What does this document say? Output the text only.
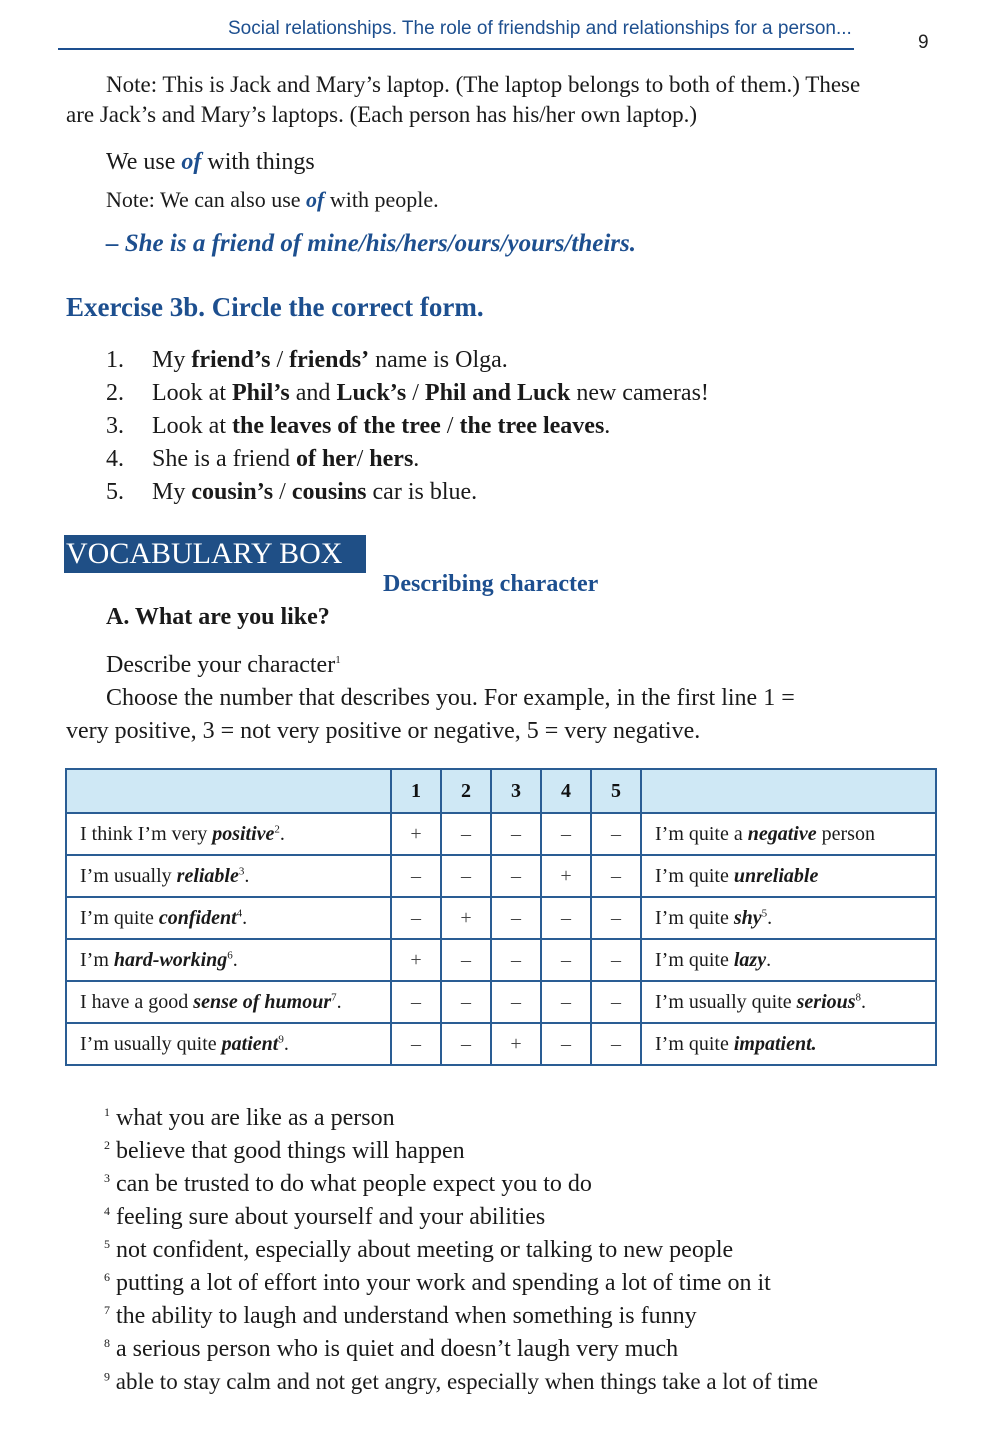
Social relationships. The role of friendship and relationships for a person...
9
Note: This is Jack and Mary’s laptop. (The laptop belongs to both of them.) These
are Jack’s and Mary’s laptops. (Each person has his/her own laptop.)
We use of with things
Note: We can also use of with people.
– She is a friend of mine/his/hers/ours/yours/theirs.
Exercise 3b. Circle the correct form.
1. My friend’s / friends’ name is Olga.
2. Look at Phil’s and Luck’s / Phil and Luck new cameras!
3. Look at the leaves of the tree / the tree leaves.
4. She is a friend of her/ hers.
5. My cousin’s / cousins car is blue.
VOCABULARY BOX
Describing character
A. What are you like?
Describe your character$^1$
Choose the number that describes you. For example, in the first line 1 =
very positive, 3 = not very positive or negative, 5 = very negative.
	1	2	3	4	5	
I think I’m very positive$^2$.	+	–	–	–	–	I’m quite a negative person
I’m usually reliable$^3$.	–	–	–	+	–	I’m quite unreliable
I’m quite confident$^4$.	–	+	–	–	–	I’m quite shy$^5$.
I’m hard-working$^6$.	+	–	–	–	–	I’m quite lazy.
I have a good sense of humour$^7$.	–	–	–	–	–	I’m usually quite serious$^8$.
I’m usually quite patient$^9$.	–	–	+	–	–	I’m quite impatient.
$^1$ what you are like as a person
$^2$ believe that good things will happen
$^3$ can be trusted to do what people expect you to do
$^4$ feeling sure about yourself and your abilities
$^5$ not confident, especially about meeting or talking to new people
$^6$ putting a lot of effort into your work and spending a lot of time on it
$^7$ the ability to laugh and understand when something is funny
$^8$ a serious person who is quiet and doesn’t laugh very much
$^9$ able to stay calm and not get angry, especially when things take a lot of time
